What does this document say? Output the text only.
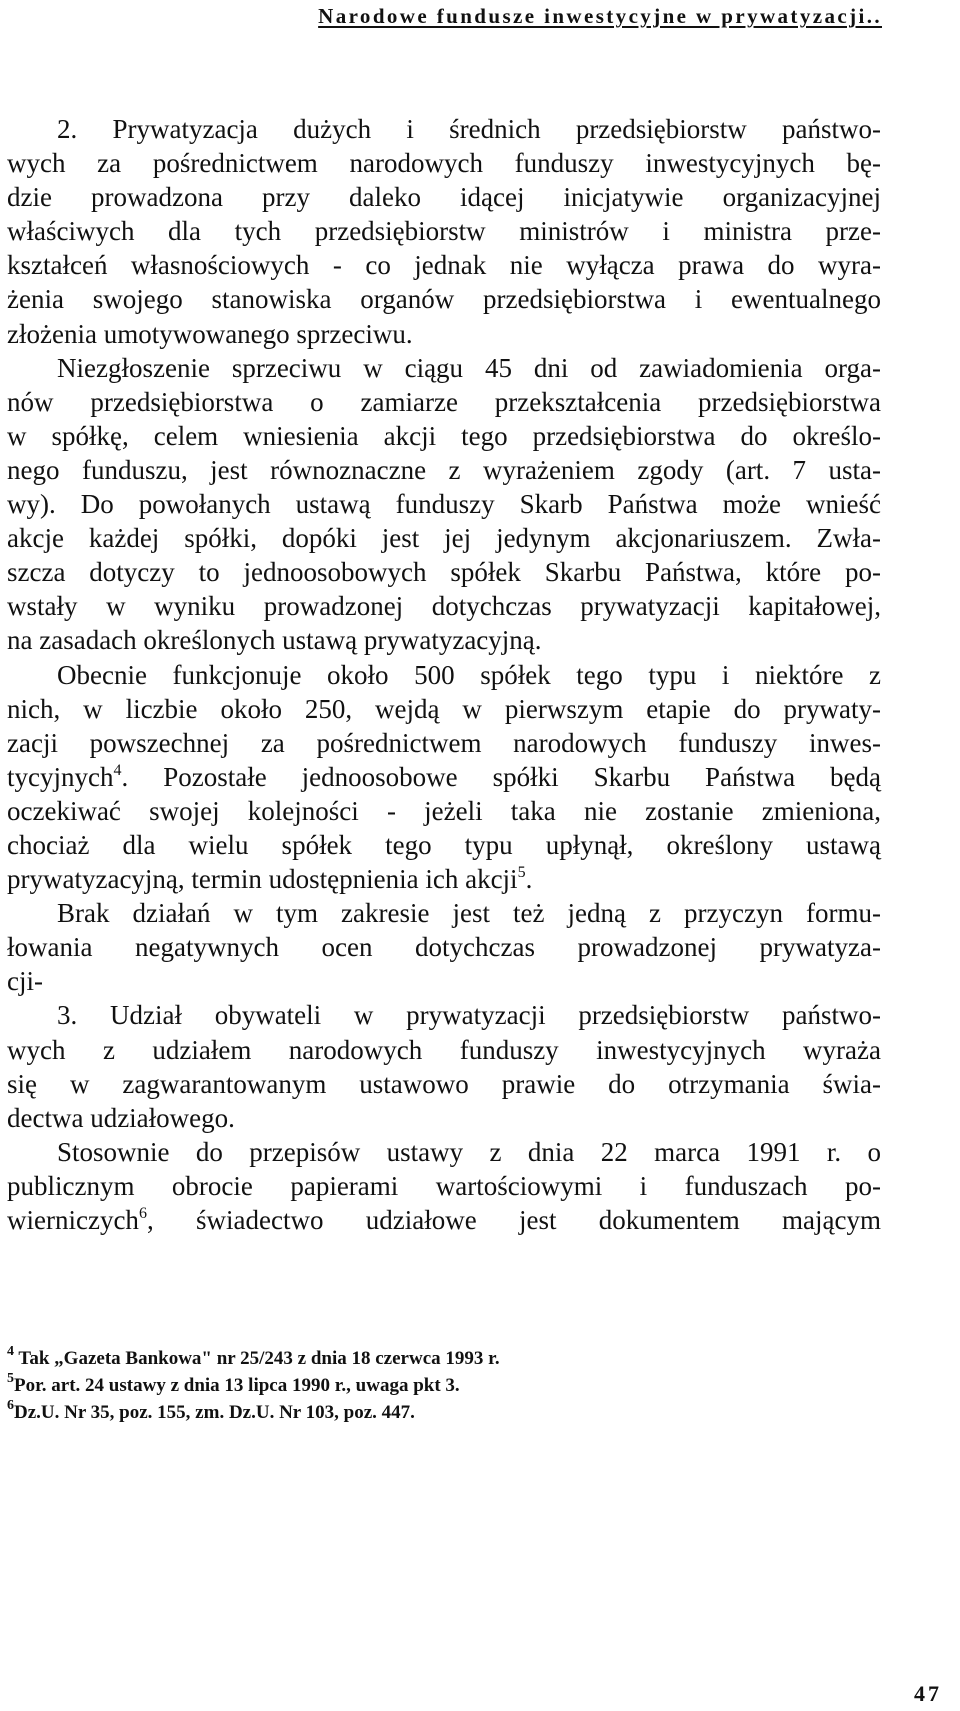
Narodowe fundusze inwestycyjne w prywatyzacji..
2. Prywatyzacja dużych i średnich przedsiębiorstw państwo-
wych za pośrednictwem narodowych funduszy inwestycyjnych bę-
dzie prowadzona przy daleko idącej inicjatywie organizacyjnej
właściwych dla tych przedsiębiorstw ministrów i ministra prze-
kształceń własnościowych - co jednak nie wyłącza prawa do wyra-
żenia swojego stanowiska organów przedsiębiorstwa i ewentualnego
złożenia umotywowanego sprzeciwu.
Niezgłoszenie sprzeciwu w ciągu 45 dni od zawiadomienia orga-
nów przedsiębiorstwa o zamiarze przekształcenia przedsiębiorstwa
w spółkę, celem wniesienia akcji tego przedsiębiorstwa do określo-
nego funduszu, jest równoznaczne z wyrażeniem zgody (art. 7 usta-
wy). Do powołanych ustawą funduszy Skarb Państwa może wnieść
akcje każdej spółki, dopóki jest jej jedynym akcjonariuszem. Zwła-
szcza dotyczy to jednoosobowych spółek Skarbu Państwa, które po-
wstały w wyniku prowadzonej dotychczas prywatyzacji kapitałowej,
na zasadach określonych ustawą prywatyzacyjną.
Obecnie funkcjonuje około 500 spółek tego typu i niektóre z
nich, w liczbie około 250, wejdą w pierwszym etapie do prywaty-
zacji powszechnej za pośrednictwem narodowych funduszy inwes-
tycyjnych$^4$. Pozostałe jednoosobowe spółki Skarbu Państwa będą
oczekiwać swojej kolejności - jeżeli taka nie zostanie zmieniona,
chociaż dla wielu spółek tego typu upłynął, określony ustawą
prywatyzacyjną, termin udostępnienia ich akcji$^5$.
Brak działań w tym zakresie jest też jedną z przyczyn formu-
łowania negatywnych ocen dotychczas prowadzonej prywatyza-
cji-
3. Udział obywateli w prywatyzacji przedsiębiorstw państwo-
wych z udziałem narodowych funduszy inwestycyjnych wyraża
się w zagwarantowanym ustawowo prawie do otrzymania świa-
dectwa udziałowego.
Stosownie do przepisów ustawy z dnia 22 marca 1991 r. o
publicznym obrocie papierami wartościowymi i funduszach po-
wierniczych$^6$, świadectwo udziałowe jest dokumentem mającym
$^4$ Tak „Gazeta Bankowa" nr 25/243 z dnia 18 czerwca 1993 r.
$^5$Por. art. 24 ustawy z dnia 13 lipca 1990 r., uwaga pkt 3.
$^6$Dz.U. Nr 35, poz. 155, zm. Dz.U. Nr 103, poz. 447.
47
